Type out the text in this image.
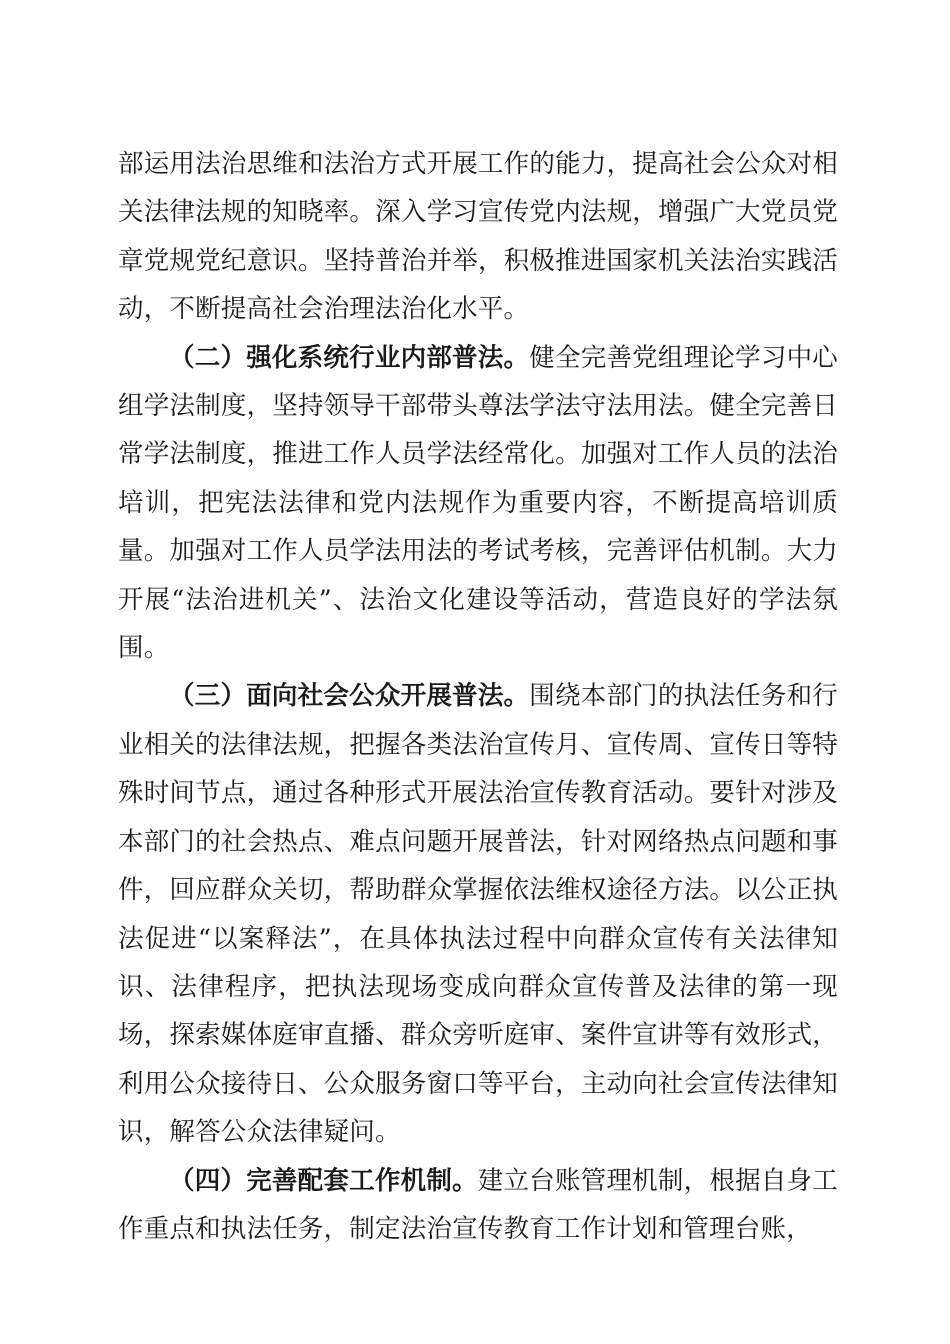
部运用法治思维和法治方式开展工作的能力，提高社会公众对相关法律法规的知晓率。深入学习宣传党内法规，增强广大党员党章党规党纪意识。坚持普治并举，积极推进国家机关法治实践活动，不断提高社会治理法治化水平。

（二）强化系统行业内部普法。健全完善党组理论学习中心组学法制度，坚持领导干部带头尊法学法守法用法。健全完善日常学法制度，推进工作人员学法经常化。加强对工作人员的法治培训，把宪法法律和党内法规作为重要内容，不断提高培训质量。加强对工作人员学法用法的考试考核，完善评估机制。大力开展“法治进机关”、法治文化建设等活动，营造良好的学法氛围。

（三）面向社会公众开展普法。围绕本部门的执法任务和行业相关的法律法规，把握各类法治宣传月、宣传周、宣传日等特殊时间节点，通过各种形式开展法治宣传教育活动。要针对涉及本部门的社会热点、难点问题开展普法，针对网络热点问题和事件，回应群众关切，帮助群众掌握依法维权途径方法。以公正执法促进“以案释法”，在具体执法过程中向群众宣传有关法律知识、法律程序，把执法现场变成向群众宣传普及法律的第一现场，探索媒体庭审直播、群众旁听庭审、案件宣讲等有效形式，利用公众接待日、公众服务窗口等平台，主动向社会宣传法律知识，解答公众法律疑问。

（四）完善配套工作机制。建立台账管理机制，根据自身工作重点和执法任务，制定法治宣传教育工作计划和管理台账，
